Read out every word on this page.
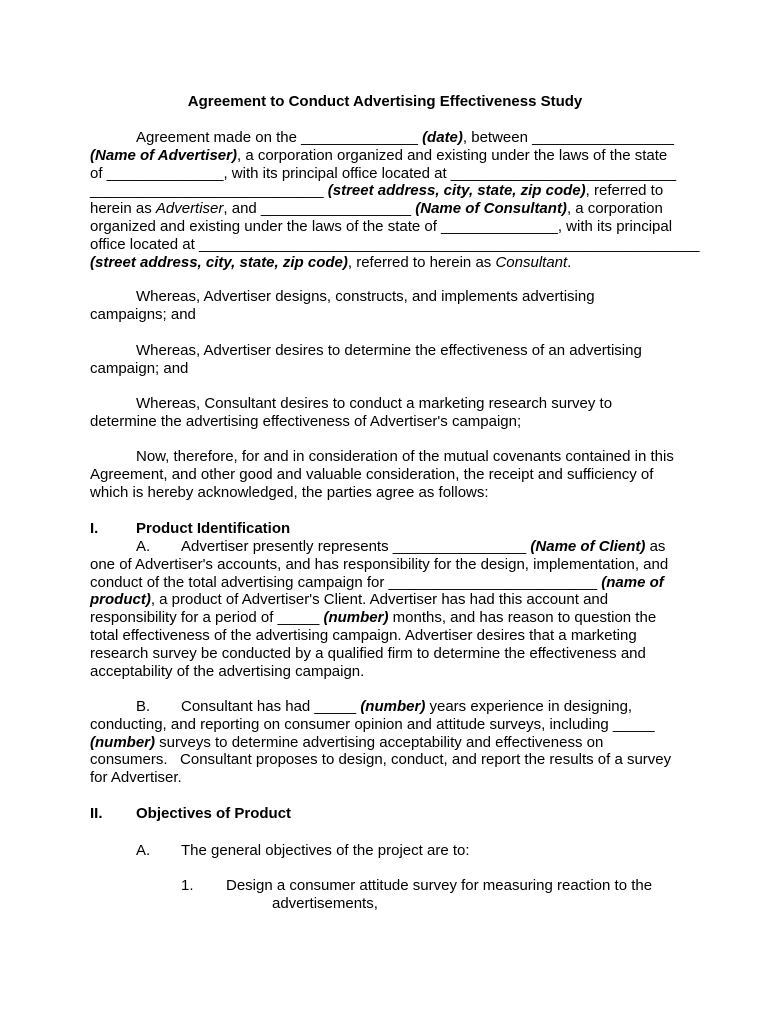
Agreement to Conduct Advertising Effectiveness Study
Agreement made on the ______________ (date), between _________________
(Name of Advertiser), a corporation organized and existing under the laws of the state
of ______________, with its principal office located at ___________________________
____________________________ (street address, city, state, zip code), referred to
herein as Advertiser, and __________________ (Name of Consultant), a corporation
organized and existing under the laws of the state of ______________, with its principal
office located at ____________________________________________________________
(street address, city, state, zip code), referred to herein as Consultant.
Whereas, Advertiser designs, constructs, and implements advertising
campaigns; and
Whereas, Advertiser desires to determine the effectiveness of an advertising
campaign; and
Whereas, Consultant desires to conduct a marketing research survey to
determine the advertising effectiveness of Advertiser's campaign;
Now, therefore, for and in consideration of the mutual covenants contained in this
Agreement, and other good and valuable consideration, the receipt and sufficiency of
which is hereby acknowledged, the parties agree as follows:
I.	Product Identification
A. Advertiser presently represents ________________ (Name of Client) as
one of Advertiser's accounts, and has responsibility for the design, implementation, and
conduct of the total advertising campaign for _________________________ (name of
product), a product of Advertiser's Client. Advertiser has had this account and
responsibility for a period of _____ (number) months, and has reason to question the
total effectiveness of the advertising campaign. Advertiser desires that a marketing
research survey be conducted by a qualified firm to determine the effectiveness and
acceptability of the advertising campaign.
B. Consultant has had _____ (number) years experience in designing,
conducting, and reporting on consumer opinion and attitude surveys, including _____
(number) surveys to determine advertising acceptability and effectiveness on
consumers.   Consultant proposes to design, conduct, and report the results of a survey
for Advertiser.
II. Objectives of Product
A. The general objectives of the project are to:
1. Design a consumer attitude survey for measuring reaction to the
advertisements,
